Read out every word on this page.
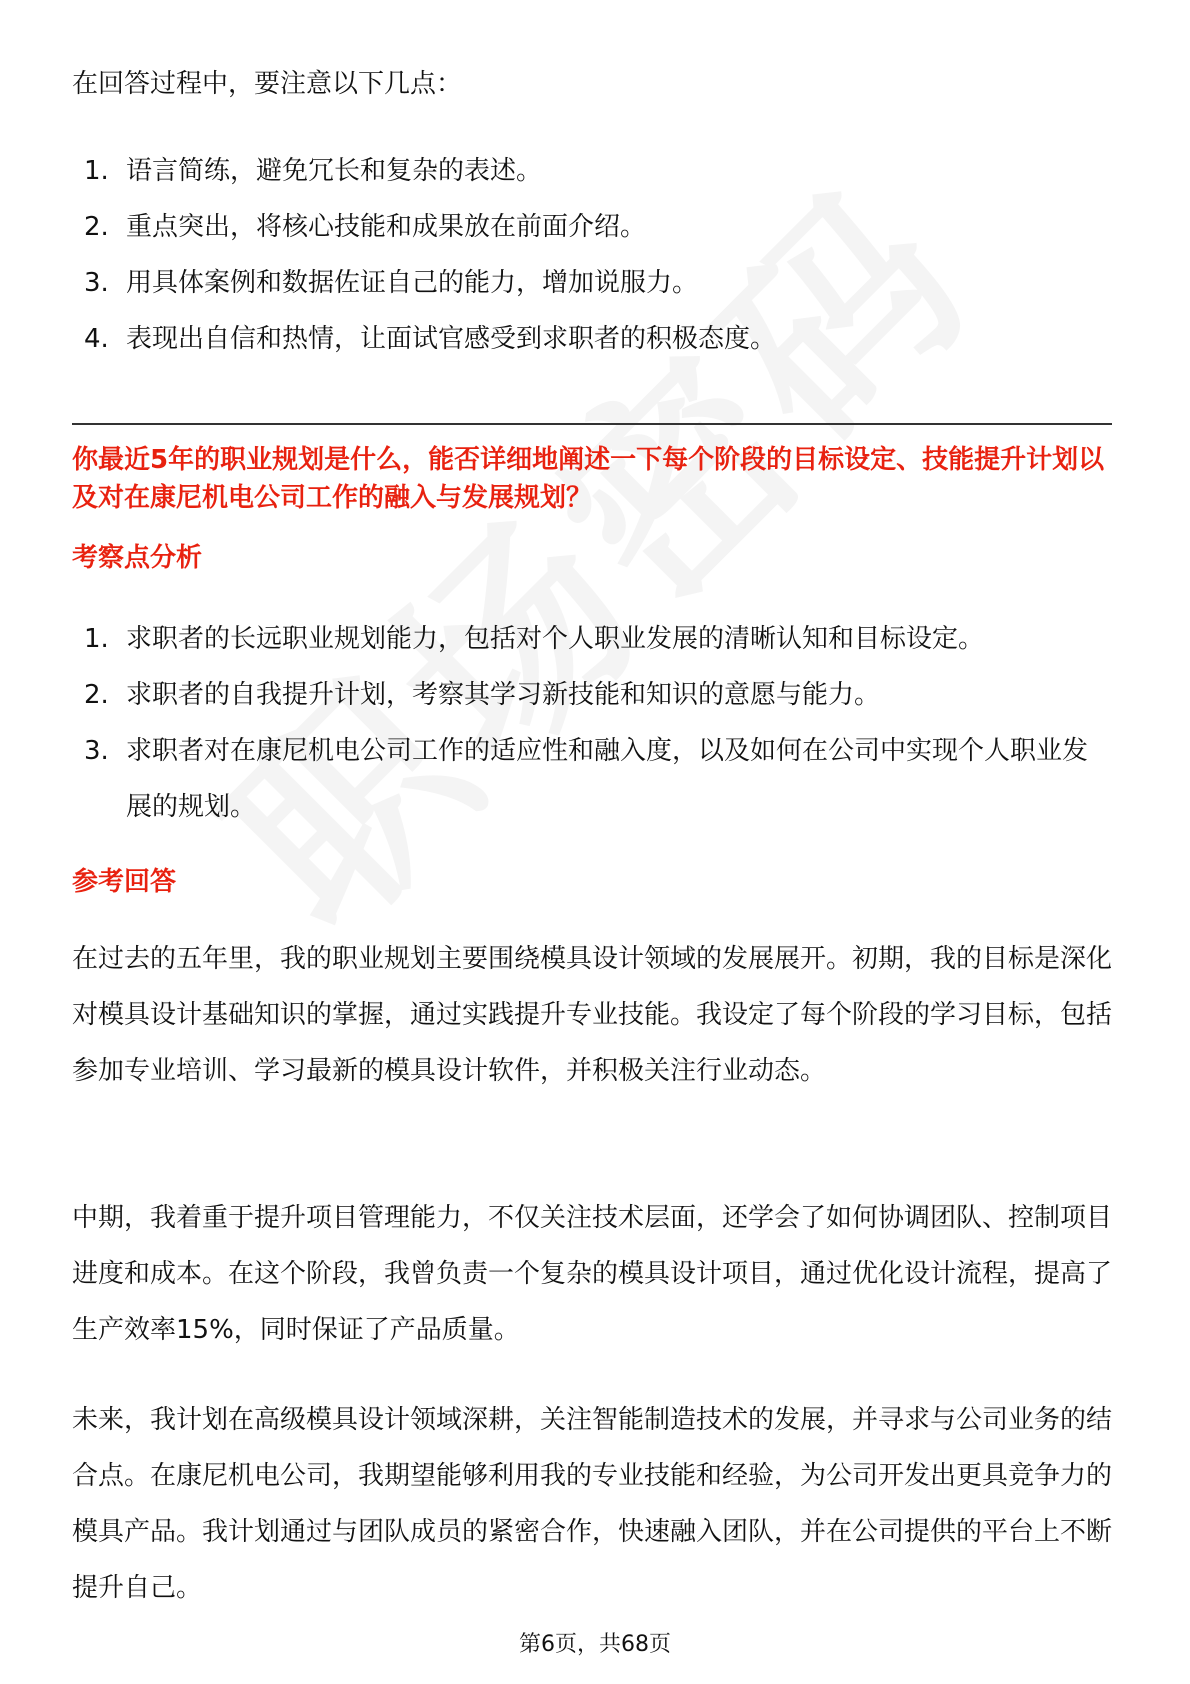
在回答过程中，要注意以下几点：

1. 语言简练，避免冗长和复杂的表述。
2. 重点突出，将核心技能和成果放在前面介绍。
3. 用具体案例和数据佐证自己的能力，增加说服力。
4. 表现出自信和热情，让面试官感受到求职者的积极态度。

你最近5年的职业规划是什么，能否详细地阐述一下每个阶段的目标设定、技能提升计划以及对在康尼机电公司工作的融入与发展规划？

考察点分析

1. 求职者的长远职业规划能力，包括对个人职业发展的清晰认知和目标设定。
2. 求职者的自我提升计划，考察其学习新技能和知识的意愿与能力。
3. 求职者对在康尼机电公司工作的适应性和融入度，以及如何在公司中实现个人职业发展的规划。

参考回答

在过去的五年里，我的职业规划主要围绕模具设计领域的发展展开。初期，我的目标是深化对模具设计基础知识的掌握，通过实践提升专业技能。我设定了每个阶段的学习目标，包括参加专业培训、学习最新的模具设计软件，并积极关注行业动态。

中期，我着重于提升项目管理能力，不仅关注技术层面，还学会了如何协调团队、控制项目进度和成本。在这个阶段，我曾负责一个复杂的模具设计项目，通过优化设计流程，提高了生产效率15%，同时保证了产品质量。

未来，我计划在高级模具设计领域深耕，关注智能制造技术的发展，并寻求与公司业务的结合点。在康尼机电公司，我期望能够利用我的专业技能和经验，为公司开发出更具竞争力的模具产品。我计划通过与团队成员的紧密合作，快速融入团队，并在公司提供的平台上不断提升自己。

第6页，共68页
